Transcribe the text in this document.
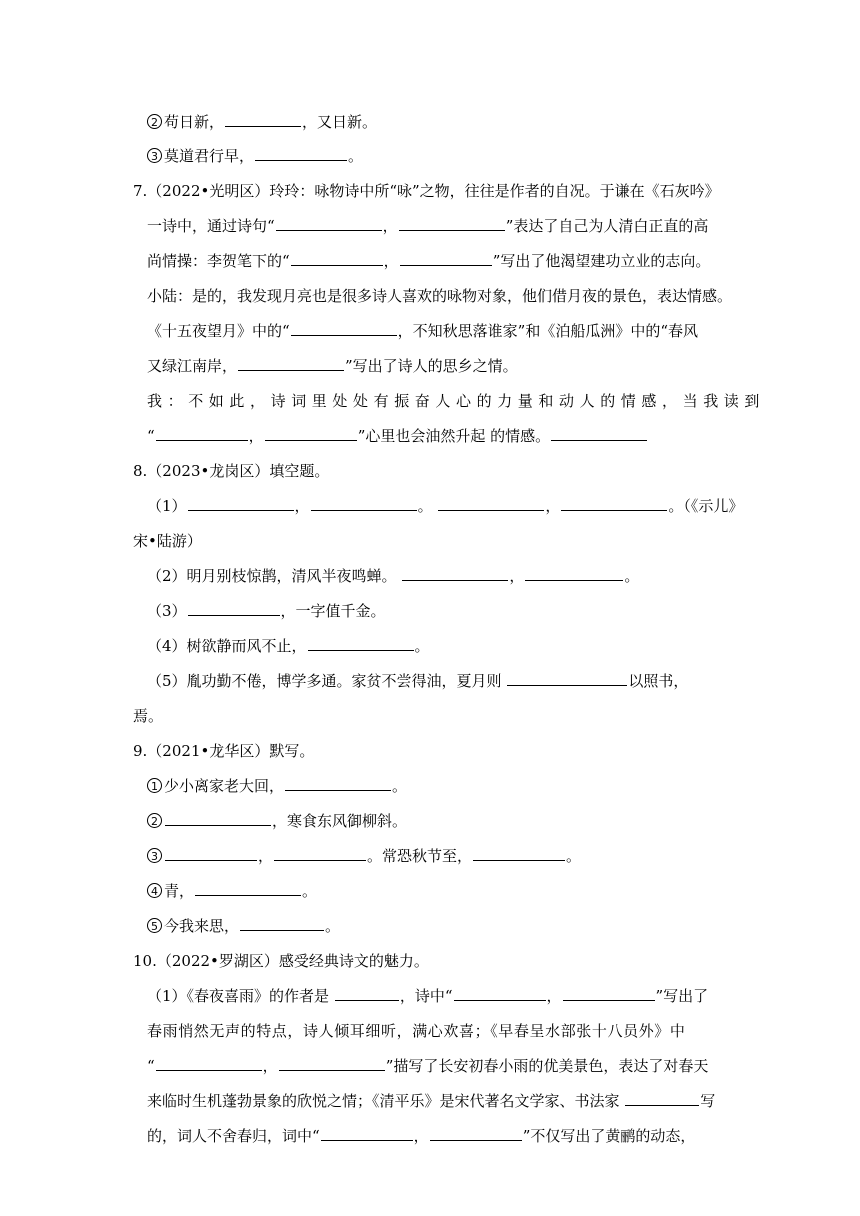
2 苟日新，	，又日新。
3 莫道君行早，	。
7.（2022•光明区）玲玲：咏物诗中所“咏”之物，往往是作者的自况。于谦在《石灰吟》
一诗中，通过诗句“	，	”表达了自己为人清白正直的高
尚情操：李贺笔下的“	，	”写出了他渴望建功立业的志向。
小陆：是的，我发现月亮也是很多诗人喜欢的咏物对象，他们借月夜的景色，表达情感。
《十五夜望月》中的“	，不知秋思落谁家”和《泊船瓜洲》中的“春风
又绿江南岸，	”写出了诗人的思乡之情。
我：不如此，诗词里处处有振奋人心的力量和动人的情感，当我读到
“	，	”心里也会油然升起 的情感。
8.（2023•龙岗区）填空题。
（1）	，	。	，	。（《示儿》
宋•陆游）
（2）明月别枝惊鹊，清风半夜鸣蝉。	，	。
（3）	，一字值千金。
（4）树欲静而风不止，	。
（5）胤功勤不倦，博学多通。家贫不尝得油，夏月则	以照书，
焉。
9.（2021•龙华区）默写。
1 少小离家老大回，	。
2	，寒食东风御柳斜。
3	，	。常恐秋节至，	。
4 青，	。
5 今我来思，	。
10.（2022•罗湖区）感受经典诗文的魅力。
（1）《春夜喜雨》的作者是	，诗中“	，	”写出了
春雨悄然无声的特点，诗人倾耳细听，满心欢喜；《早春呈水部张十八员外》中
“	，	”描写了长安初春小雨的优美景色，表达了对春天
来临时生机蓬勃景象的欣悦之情；《清平乐》是宋代著名文学家、书法家	写
的，词人不舍春归，词中“	，	”不仅写出了黄鹂的动态，
